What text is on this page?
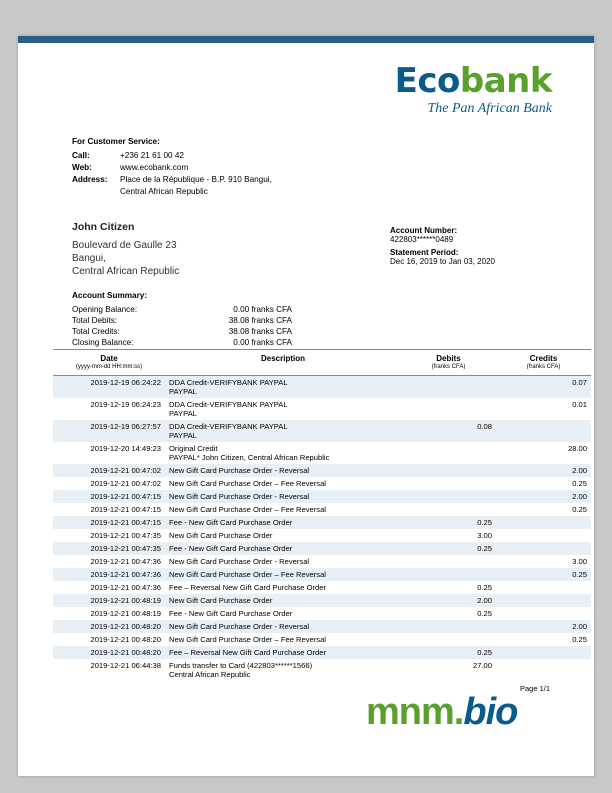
Ecobank
The Pan African Bank
For Customer Service:
Call:	+236 21 61 00 42
Web:	www.ecobank.com
Address:	Place de la République - B.P. 910 Bangui,
Central African Republic
John Citizen
Boulevard de Gaulle 23
Bangui,
Central African Republic
Account Number:
422803******0489
Statement Period:
Dec 16, 2019 to Jan 03, 2020
Account Summary:
Opening Balance:	0.00 franks CFA
Total Debits:	38.08 franks CFA
Total Credits:	38.08 franks CFA
Closing Balance:	0.00 franks CFA
Date
(yyyy-mm-dd HH:mm:ss)	Description	Debits
(franks CFA)	Credits
(franks CFA)

2019-12-19 06:24:22	DDA Credit-VERIFYBANK PAYPAL
PAYPAL		0.07
2019-12-19 06:24:23	DDA Credit-VERIFYBANK PAYPAL
PAYPAL		0.01
2019-12-19 06:27:57	DDA Credit-VERIFYBANK PAYPAL
PAYPAL	0.08	
2019-12-20 14:49:23	Original Credit
PAYPAL* John Citizen, Central African Republic		28.00
2019-12-21 00:47:02	New Gift Card Purchase Order - Reversal		2.00
2019-12-21 00:47:02	New Gift Card Purchase Order – Fee Reversal		0.25
2019-12-21 00:47:15	New Gift Card Purchase Order - Reversal		2.00
2019-12-21 00:47:15	New Gift Card Purchase Order – Fee Reversal		0.25
2019-12-21 00:47:15	Fee - New Gift Card Purchase Order	0.25	
2019-12-21 00:47:35	New Gift Card Purchase Order	3.00	
2019-12-21 00:47:35	Fee - New Gift Card Purchase Order	0.25	
2019-12-21 00:47:36	New Gift Card Purchase Order - Reversal		3.00
2019-12-21 00:47:36	New Gift Card Purchase Order – Fee Reversal		0.25
2019-12-21 00:47:36	Fee – Reversal New Gift Card Purchase Order	0.25	
2019-12-21 00:48:19	New Gift Card Purchase Order	2.00	
2019-12-21 00:48:19	Fee - New Gift Card Purchase Order	0.25	
2019-12-21 00:48:20	New Gift Card Purchase Order - Reversal		2.00
2019-12-21 00:48:20	New Gift Card Purchase Order – Fee Reversal		0.25
2019-12-21 00:48:20	Fee – Reversal New Gift Card Purchase Order	0.25	
2019-12-21 06:44:38	Funds transfer to Card (422803******1566)
Central African Republic	27.00	
Page 1/1
mnm.bio
